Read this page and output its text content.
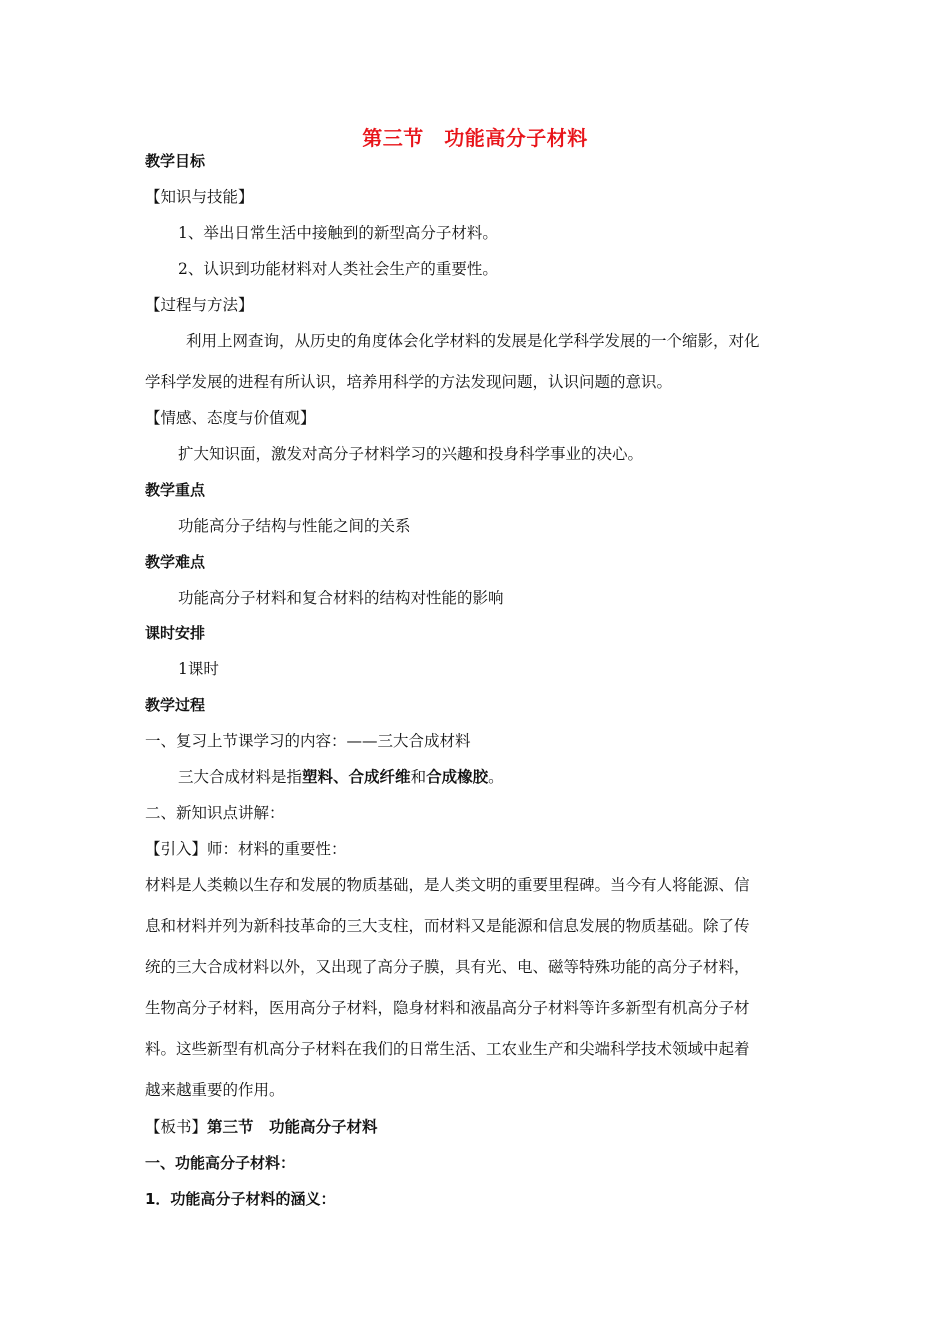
第三节　功能高分子材料
教学目标
【知识与技能】
1、举出日常生活中接触到的新型高分子材料。
2、认识到功能材料对人类社会生产的重要性。
【过程与方法】
利用上网查询，从历史的角度体会化学材料的发展是化学科学发展的一个缩影，对化
学科学发展的进程有所认识，培养用科学的方法发现问题，认识问题的意识。
【情感、态度与价值观】
扩大知识面，激发对高分子材料学习的兴趣和投身科学事业的决心。
教学重点
功能高分子结构与性能之间的关系
教学难点
功能高分子材料和复合材料的结构对性能的影响
课时安排
1课时
教学过程
一、复习上节课学习的内容：——三大合成材料
三大合成材料是指塑料、合成纤维和合成橡胶。
二、新知识点讲解：
【引入】师：材料的重要性：
材料是人类赖以生存和发展的物质基础，是人类文明的重要里程碑。当今有人将能源、信
息和材料并列为新科技革命的三大支柱，而材料又是能源和信息发展的物质基础。除了传
统的三大合成材料以外，又出现了高分子膜，具有光、电、磁等特殊功能的高分子材料，
生物高分子材料，医用高分子材料，隐身材料和液晶高分子材料等许多新型有机高分子材
料。这些新型有机高分子材料在我们的日常生活、工农业生产和尖端科学技术领域中起着
越来越重要的作用。
【板书】第三节　功能高分子材料
一、功能高分子材料：
1．功能高分子材料的涵义：
